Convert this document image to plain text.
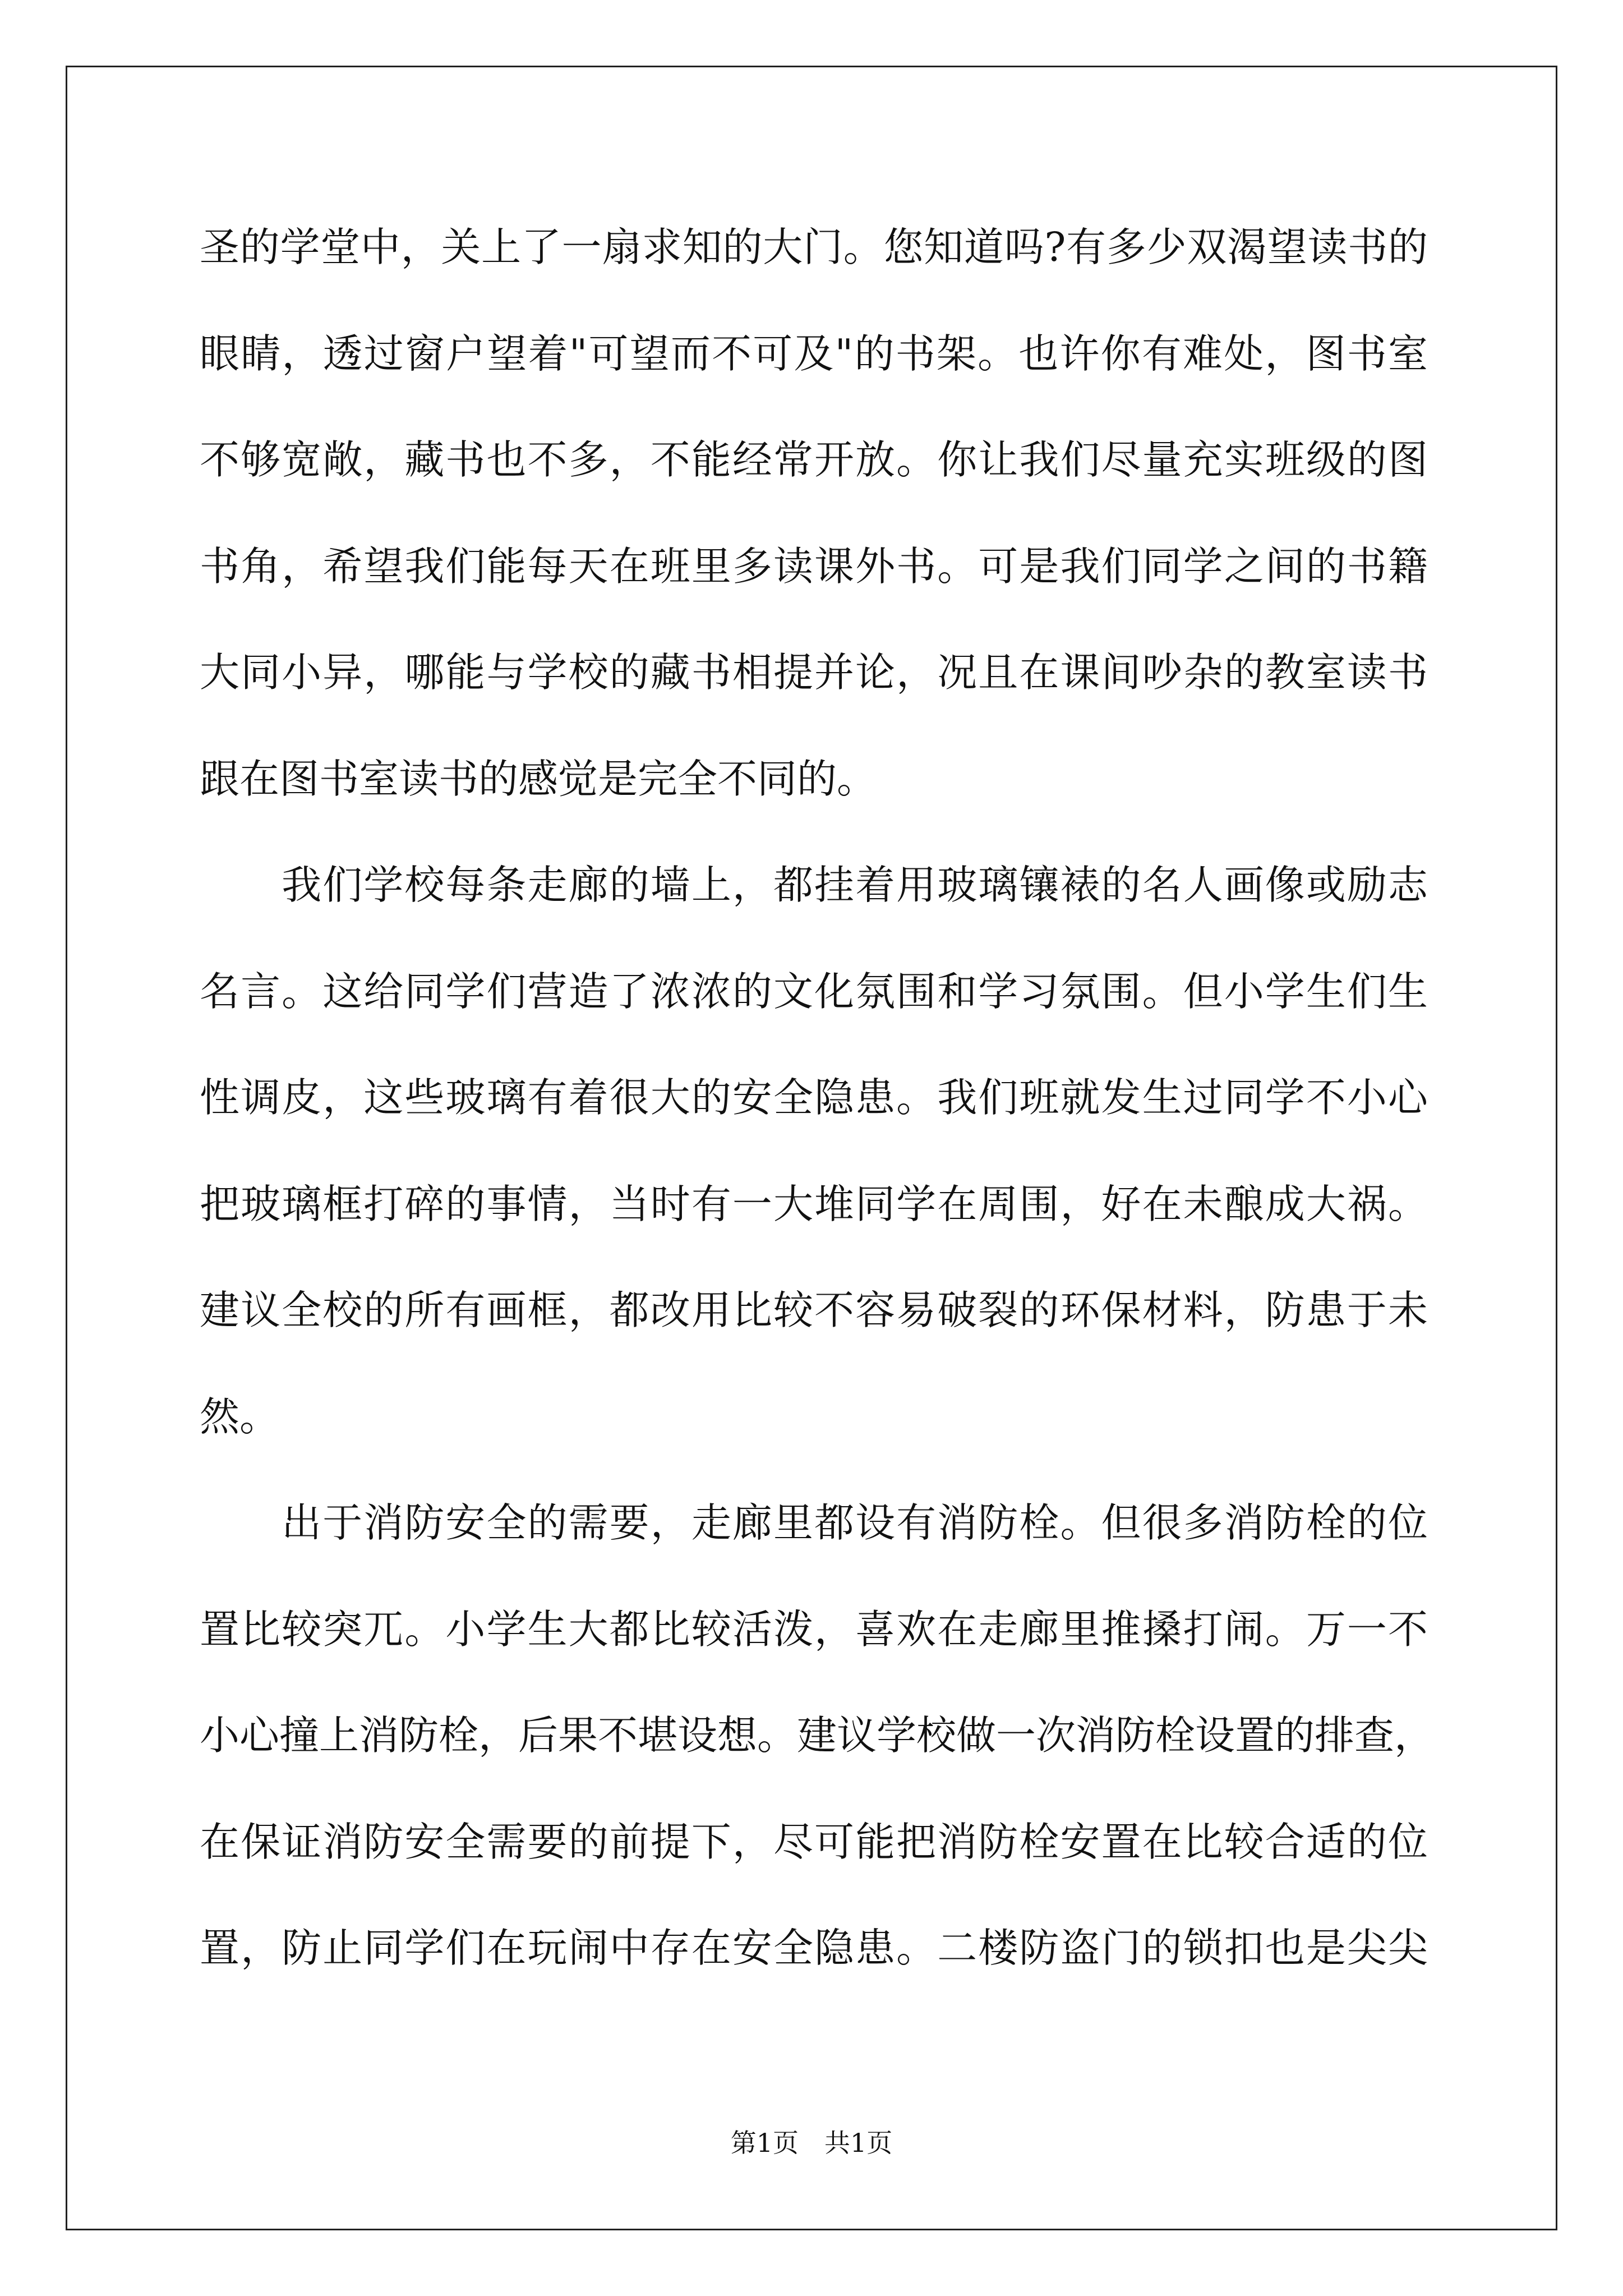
圣的学堂中，关上了一扇求知的大门。您知道吗?有多少双渴望读书的
眼睛，透过窗户望着"可望而不可及"的书架。也许你有难处，图书室
不够宽敞，藏书也不多，不能经常开放。你让我们尽量充实班级的图
书角，希望我们能每天在班里多读课外书。可是我们同学之间的书籍
大同小异，哪能与学校的藏书相提并论，况且在课间吵杂的教室读书
跟在图书室读书的感觉是完全不同的。
　　我们学校每条走廊的墙上，都挂着用玻璃镶裱的名人画像或励志
名言。这给同学们营造了浓浓的文化氛围和学习氛围。但小学生们生
性调皮，这些玻璃有着很大的安全隐患。我们班就发生过同学不小心
把玻璃框打碎的事情，当时有一大堆同学在周围，好在未酿成大祸。
建议全校的所有画框，都改用比较不容易破裂的环保材料，防患于未
然。
　　出于消防安全的需要，走廊里都设有消防栓。但很多消防栓的位
置比较突兀。小学生大都比较活泼，喜欢在走廊里推搡打闹。万一不
小心撞上消防栓，后果不堪设想。建议学校做一次消防栓设置的排查，
在保证消防安全需要的前提下，尽可能把消防栓安置在比较合适的位
置，防止同学们在玩闹中存在安全隐患。二楼防盗门的锁扣也是尖尖
第1页　共1页
